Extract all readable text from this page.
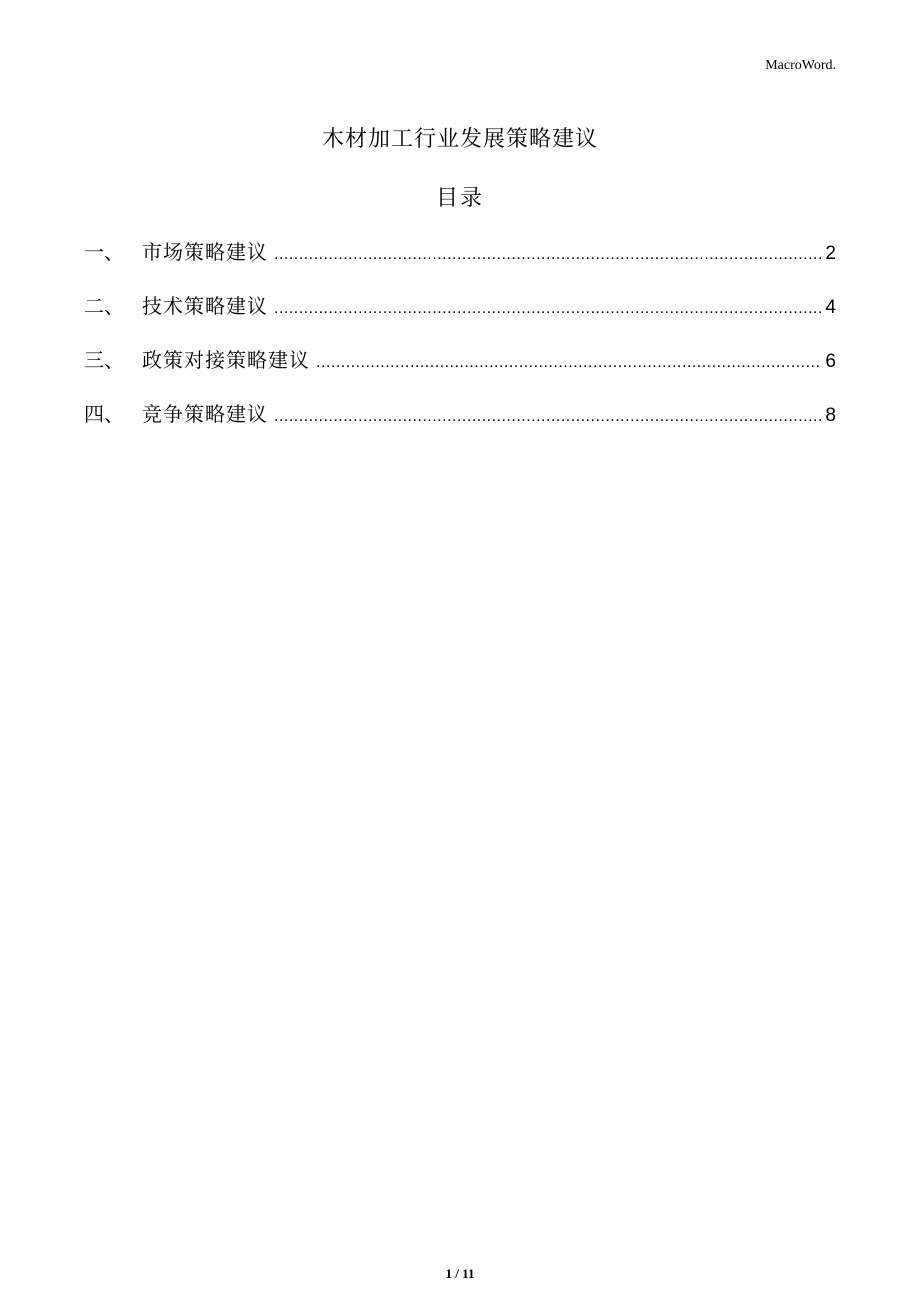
MacroWord.
木材加工行业发展策略建议
目录
一、 市场策略建议 .....	2
二、 技术策略建议 .....	4
三、 政策对接策略建议 .....	6
四、 竞争策略建议 .....	8
1 / 11
